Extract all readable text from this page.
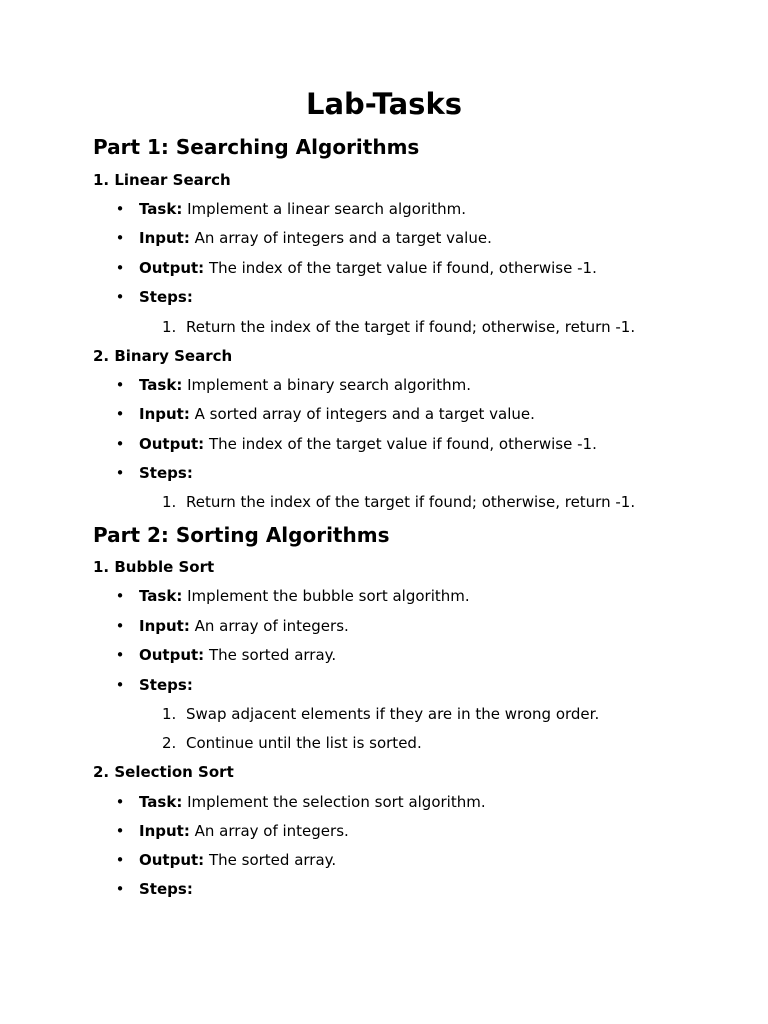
Lab-Tasks
Part 1: Searching Algorithms
1. Linear Search
• Task: Implement a linear search algorithm.
• Input: An array of integers and a target value.
• Output: The index of the target value if found, otherwise -1.
• Steps:
1. Return the index of the target if found; otherwise, return -1.
2. Binary Search
• Task: Implement a binary search algorithm.
• Input: A sorted array of integers and a target value.
• Output: The index of the target value if found, otherwise -1.
• Steps:
1. Return the index of the target if found; otherwise, return -1.
Part 2: Sorting Algorithms
1. Bubble Sort
• Task: Implement the bubble sort algorithm.
• Input: An array of integers.
• Output: The sorted array.
• Steps:
1. Swap adjacent elements if they are in the wrong order.
2. Continue until the list is sorted.
2. Selection Sort
• Task: Implement the selection sort algorithm.
• Input: An array of integers.
• Output: The sorted array.
• Steps:
